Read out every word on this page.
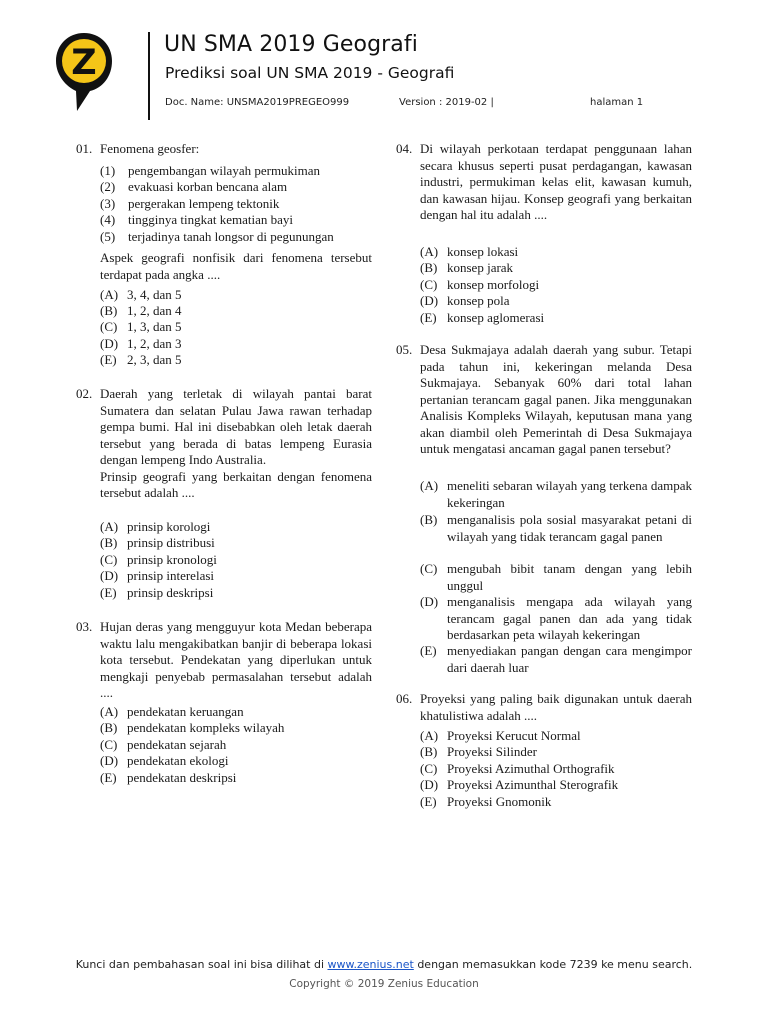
Z	UN SMA 2019 Geografi
Prediksi soal UN SMA 2019 - Geografi
Doc. Name: UNSMA2019PREGEO999	Version : 2019-02 |	halaman 1
01. Fenomena geosfer:

(1) pengembangan wilayah permukiman
(2) evakuasi korban bencana alam
(3) pergerakan lempeng tektonik
(4) tingginya tingkat kematian bayi
(5) terjadinya tanah longsor di pegunungan

Aspek geografi nonfisik dari fenomena tersebut terdapat pada angka ....

(A) 3, 4, dan 5
(B) 1, 2, dan 4
(C) 1, 3, dan 5
(D) 1, 2, dan 3
(E) 2, 3, dan 5
02. Daerah yang terletak di wilayah pantai barat Sumatera dan selatan Pulau Jawa rawan terhadap gempa bumi. Hal ini disebabkan oleh letak daerah tersebut yang berada di batas lempeng Eurasia dengan lempeng Indo Australia.

Prinsip geografi yang berkaitan dengan fenomena tersebut adalah ....

(A) prinsip korologi
(B) prinsip distribusi
(C) prinsip kronologi
(D) prinsip interelasi
(E) prinsip deskripsi
03. Hujan deras yang mengguyur kota Medan beberapa waktu lalu mengakibatkan banjir di beberapa lokasi kota tersebut. Pendekatan yang diperlukan untuk mengkaji penyebab permasalahan tersebut adalah ....

(A) pendekatan keruangan
(B) pendekatan kompleks wilayah
(C) pendekatan sejarah
(D) pendekatan ekologi
(E) pendekatan deskripsi
04. Di wilayah perkotaan terdapat penggunaan lahan secara khusus seperti pusat perdagangan, kawasan industri, permukiman kelas elit, kawasan kumuh, dan kawasan hijau. Konsep geografi yang berkaitan dengan hal itu adalah ....

(A) konsep lokasi
(B) konsep jarak
(C) konsep morfologi
(D) konsep pola
(E) konsep aglomerasi
05. Desa Sukmajaya adalah daerah yang subur. Tetapi pada tahun ini, kekeringan melanda Desa Sukmajaya. Sebanyak 60% dari total lahan pertanian terancam gagal panen. Jika menggunakan Analisis Kompleks Wilayah, keputusan mana yang akan diambil oleh Pemerintah di Desa Sukmajaya untuk mengatasi ancaman gagal panen tersebut?

(A) meneliti sebaran wilayah yang terkena dampak kekeringan
(B) menganalisis pola sosial masyarakat petani di wilayah yang tidak terancam gagal panen
(C) mengubah bibit tanam dengan yang lebih unggul
(D) menganalisis mengapa ada wilayah yang terancam gagal panen dan ada yang tidak berdasarkan peta wilayah kekeringan
(E) menyediakan pangan dengan cara mengimpor dari daerah luar
06. Proyeksi yang paling baik digunakan untuk daerah khatulistiwa adalah ....

(A) Proyeksi Kerucut Normal
(B) Proyeksi Silinder
(C) Proyeksi Azimuthal Orthografik
(D) Proyeksi Azimunthal Sterografik
(E) Proyeksi Gnomonik
Kunci dan pembahasan soal ini bisa dilihat di www.zenius.net dengan memasukkan kode 7239 ke menu search.
Copyright © 2019 Zenius Education
